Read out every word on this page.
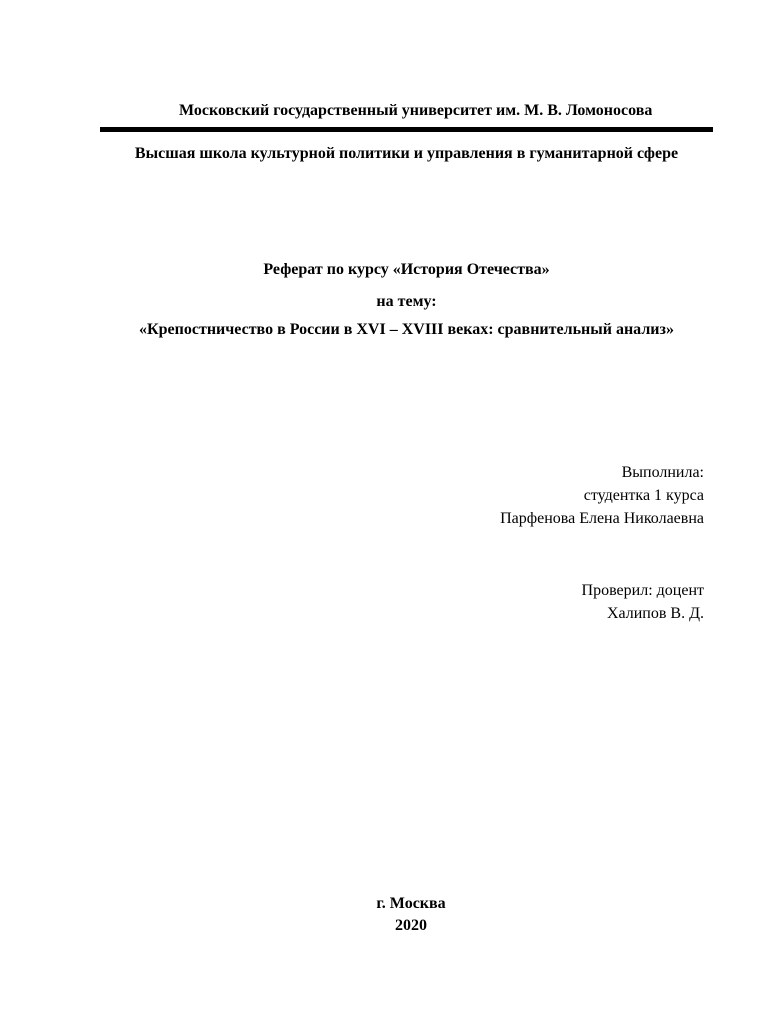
Московский государственный университет им. М. В. Ломоносова
Высшая школа культурной политики и управления в гуманитарной сфере
Реферат по курсу «История Отечества»
на тему:
«Крепостничество в России в XVI – XVIII веках: сравнительный анализ»
Выполнила:
студентка 1 курса
Парфенова Елена Николаевна
Проверил: доцент
Халипов В. Д.
г. Москва
2020
